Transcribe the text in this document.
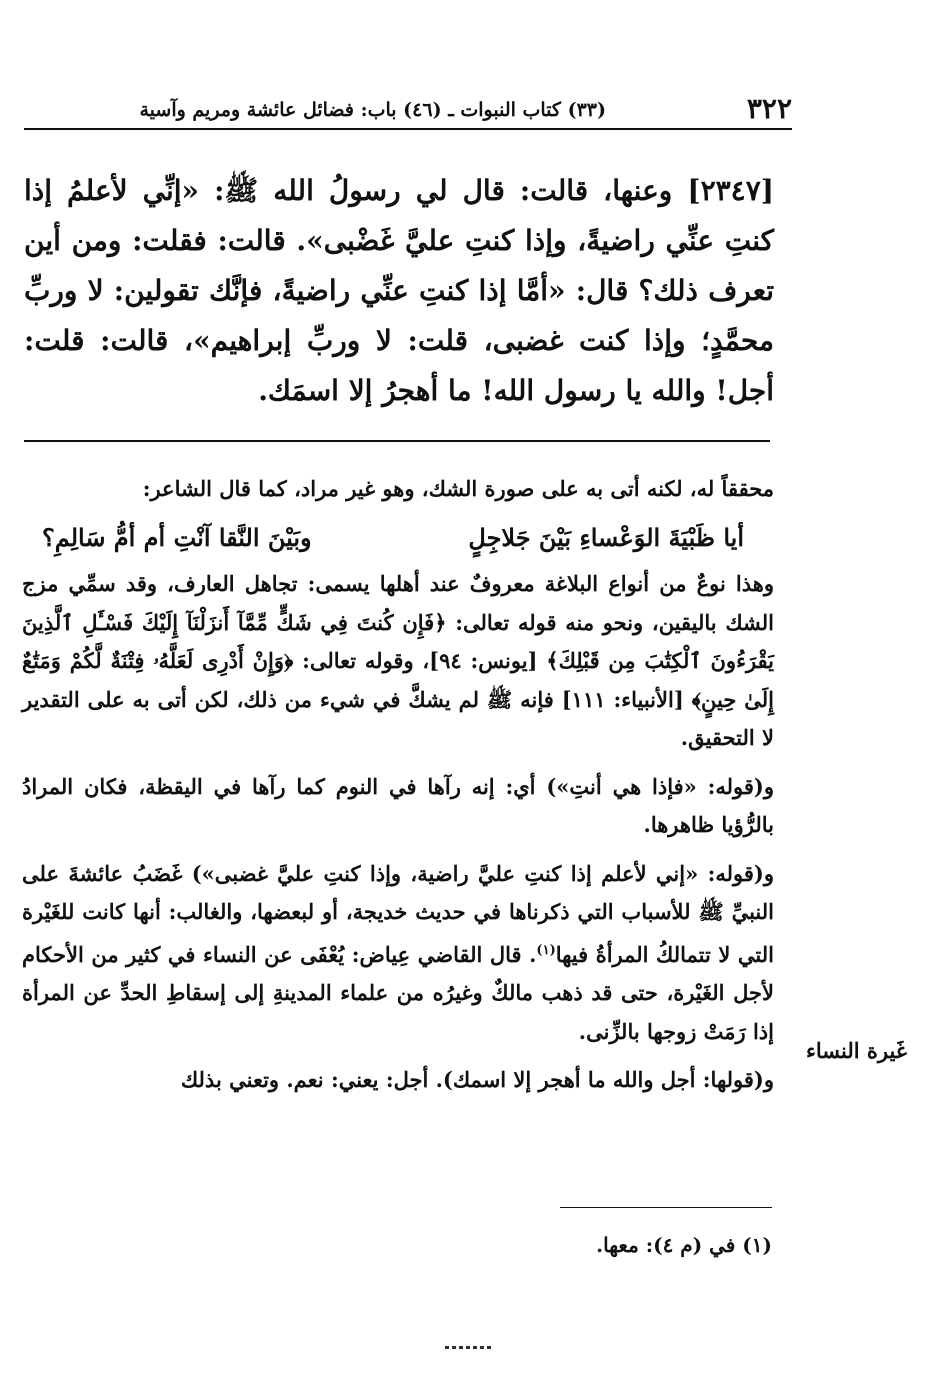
٣٢٢
(٣٣) كتاب النبوات ـ (٤٦) باب: فضائل عائشة ومريم وآسية
[٢٣٤٧] وعنها، قالت: قال لي رسولُ الله ﷺ: «إنِّي لأعلمُ إذا كنتِ عنِّي راضيةً، وإذا كنتِ عليَّ غَضْبى». قالت: فقلت: ومن أين تعرف ذلك؟ قال: «أمَّا إذا كنتِ عنِّي راضيةً، فإنَّك تقولين: لا وربِّ محمَّدٍ؛ وإذا كنت غضبى، قلت: لا وربِّ إبراهيم»، قالت: قلت: أجل! والله يا رسول الله! ما أهجرُ إلا اسمَك.

محققاً له، لكنه أتى به على صورة الشك، وهو غير مراد، كما قال الشاعر:

أيا ظَبْيَةَ الوَعْساءِ بَيْنَ جَلاجِلٍ
وبَيْنَ النَّقا آنْتِ أم أمُّ سَالِمِ؟

وهذا نوعٌ من أنواع البلاغة معروفٌ عند أهلها يسمى: تجاهل العارف، وقد سمِّي مزج الشك باليقين، ونحو منه قوله تعالى: ﴿فَإِن كُنتَ فِي شَكٍّ مِّمَّآ أَنزَلْنَآ إِلَيْكَ فَسْـَٔلِ ٱلَّذِينَ يَقْرَءُونَ ٱلْكِتَٰبَ مِن قَبْلِكَ﴾ [يونس: ٩٤]، وقوله تعالى: ﴿وَإِنْ أَدْرِى لَعَلَّهُۥ فِتْنَةٌ لَّكُمْ وَمَتَٰعٌ إِلَىٰ حِينٍ﴾ [الأنبياء: ١١١] فإنه ﷺ لم يشكَّ في شيء من ذلك، لكن أتى به على التقدير لا التحقيق.

و(قوله: «فإذا هي أنتِ») أي: إنه رآها في النوم كما رآها في اليقظة، فكان المرادُ بالرُّؤيا ظاهرها.

و(قوله: «إني لأعلم إذا كنتِ عليَّ راضية، وإذا كنتِ عليَّ غضبى») غَضَبُ عائشةَ على النبيِّ ﷺ للأسباب التي ذكرناها في حديث خديجة، أو لبعضها، والغالب: أنها كانت للغَيْرة التي لا تتمالكُ المرأةُ فيها$^{(١)}$. قال القاضي عِياض: يُعْفَى عن النساء في كثير من الأحكام لأجل الغَيْرة، حتى قد ذهب مالكٌ وغيرُه من علماء المدينةِ إلى إسقاطِ الحدِّ عن المرأة إذا رَمَتْ زوجها بالزِّنى.

و(قولها: أجل والله ما أهجر إلا اسمك). أجل: يعني: نعم. وتعني بذلك

غَيرة النساء
(١) في (م ٤): معها.
